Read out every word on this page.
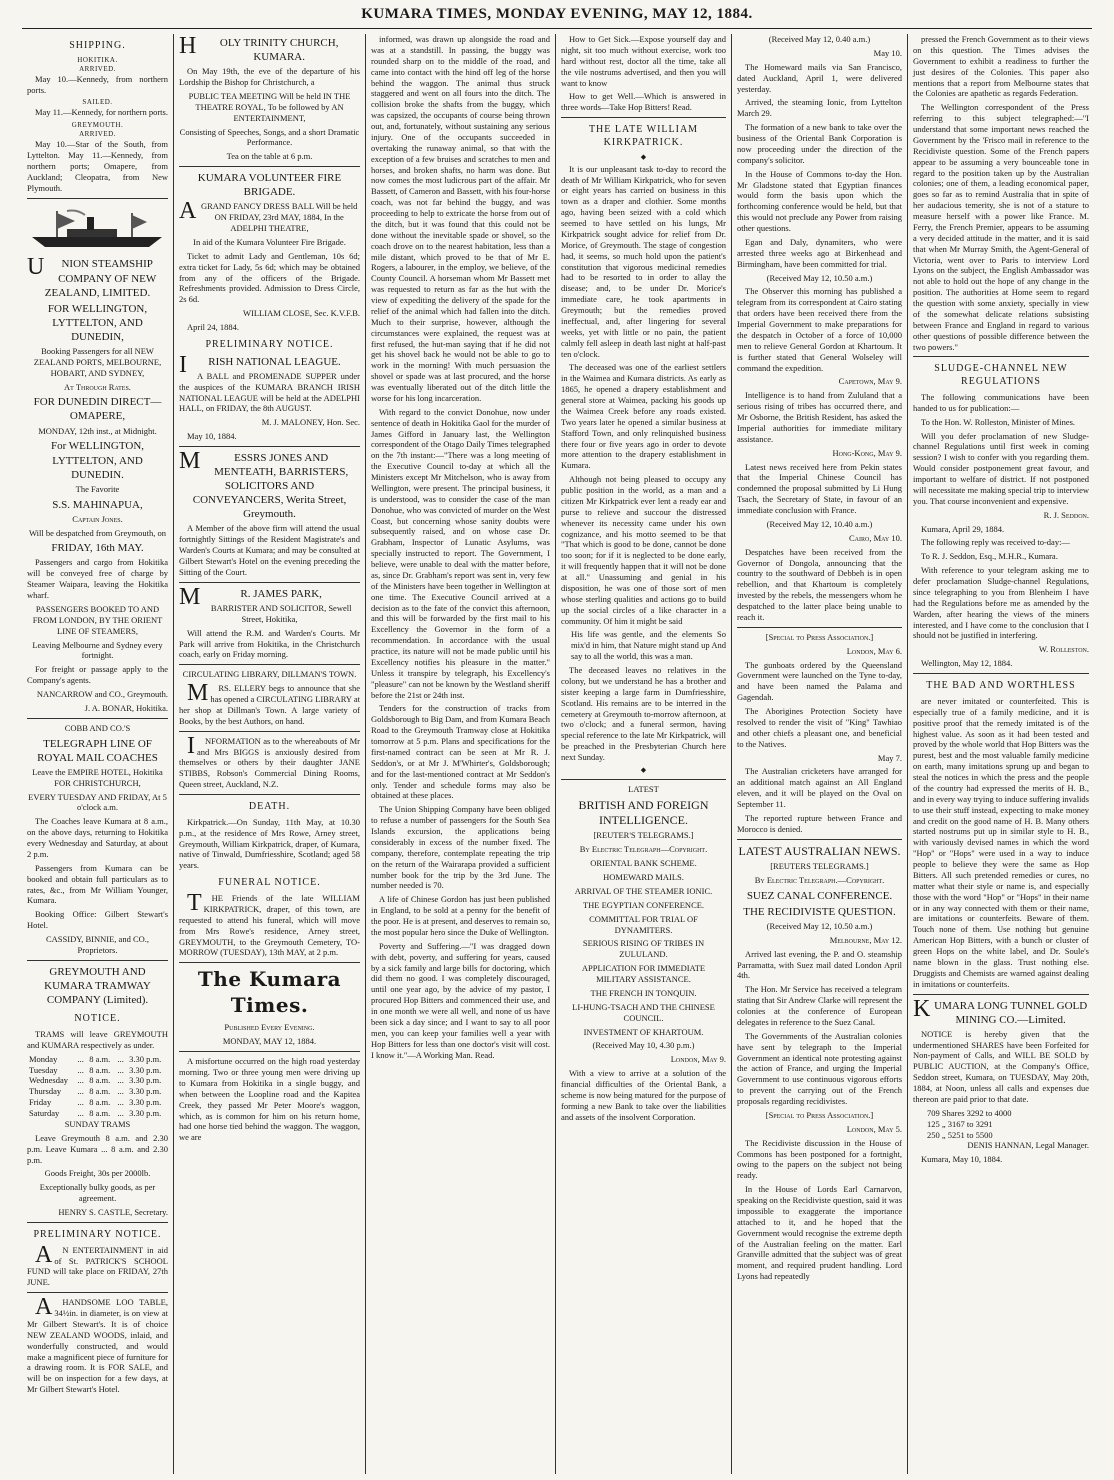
KUMARA TIMES, MONDAY EVENING, MAY 12, 1884.
SHIPPING.
HOKITIKA.
ARRIVED.

May 10.—Kennedy, from northern ports.

SAILED.

May 11.—Kennedy, for northern ports.

GREYMOUTH.
ARRIVED.

May 10.—Star of the South, from Lyttelton. May 11.—Kennedy, from northern ports; Omapere, from Auckland; Cleopatra, from New Plymouth.

UNION STEAMSHIP COMPANY OF NEW ZEALAND, LIMITED.

FOR WELLINGTON, LYTTELTON, AND DUNEDIN,

Booking Passengers for all NEW ZEALAND PORTS, MELBOURNE, HOBART, AND SYDNEY,

At Through Rates.

FOR DUNEDIN DIRECT— OMAPERE,

MONDAY, 12th inst., at Midnight.

For WELLINGTON, LYTTELTON, AND DUNEDIN.

The Favorite

S.S. MAHINAPUA,

Captain Jones.

Will be despatched from Greymouth, on

FRIDAY, 16th MAY.

Passengers and cargo from Hokitika will be conveyed free of charge by Steamer Waipara, leaving the Hokitika wharf.

PASSENGERS BOOKED TO AND FROM LONDON, BY THE ORIENT LINE OF STEAMERS,

Leaving Melbourne and Sydney every fortnight.

For freight or passage apply to the Company's agents.

NANCARROW and CO., Greymouth.

J. A. BONAR, Hokitika.

COBB AND CO.'S

TELEGRAPH LINE OF ROYAL MAIL COACHES

Leave the EMPIRE HOTEL, Hokitika FOR CHRISTCHURCH,

EVERY TUESDAY AND FRIDAY, At 5 o'clock a.m.

The Coaches leave Kumara at 8 a.m., on the above days, returning to Hokitika every Wednesday and Saturday, at about 2 p.m.

Passengers from Kumara can be booked and obtain full particulars as to rates, &c., from Mr William Younger, Kumara.

Booking Office: Gilbert Stewart's Hotel.

CASSIDY, BINNIE, and CO., Proprietors.

GREYMOUTH AND KUMARA TRAMWAY COMPANY (Limited).

NOTICE.

TRAMS will leave GREYMOUTH and KUMARA respectively as under.

Monday	...	8 a.m.	...	3.30 p.m.
Tuesday	...	8 a.m.	...	3.30 p.m.
Wednesday	...	8 a.m.	...	3.30 p.m.
Thursday	...	8 a.m.	...	3.30 p.m.
Friday	...	8 a.m.	...	3.30 p.m.
Saturday	...	8 a.m.	...	3.30 p.m.

SUNDAY TRAMS

Leave Greymouth 8 a.m. and 2.30 p.m. Leave Kumara ... 8 a.m. and 2.30 p.m.

Goods Freight, 30s per 2000lb.

Exceptionally bulky goods, as per agreement.

HENRY S. CASTLE, Secretary.

PRELIMINARY NOTICE.

AN ENTERTAINMENT in aid of St. PATRICK'S SCHOOL FUND will take place on FRIDAY, 27th JUNE.

AHANDSOME LOO TABLE, 34½in. in diameter, is on view at Mr Gilbert Stewart's. It is of choice NEW ZEALAND WOODS, inlaid, and wonderfully constructed, and would make a magnificent piece of furniture for a drawing room. It is FOR SALE, and will be on inspection for a few days, at Mr Gilbert Stewart's Hotel.

HOLY TRINITY CHURCH, KUMARA.

On May 19th, the eve of the departure of his Lordship the Bishop for Christchurch, a

PUBLIC TEA MEETING Will be held IN THE THEATRE ROYAL, To be followed by AN ENTERTAINMENT,

Consisting of Speeches, Songs, and a short Dramatic Performance.

Tea on the table at 6 p.m.

KUMARA VOLUNTEER FIRE BRIGADE.

AGRAND FANCY DRESS BALL Will be held ON FRIDAY, 23rd MAY, 1884, In the ADELPHI THEATRE,

In aid of the Kumara Volunteer Fire Brigade.

Ticket to admit Lady and Gentleman, 10s 6d; extra ticket for Lady, 5s 6d; which may be obtained from any of the officers of the Brigade. Refreshments provided. Admission to Dress Circle, 2s 6d.

WILLIAM CLOSE, Sec. K.V.F.B.

April 24, 1884.

PRELIMINARY NOTICE.

IRISH NATIONAL LEAGUE.

A BALL and PROMENADE SUPPER under the auspices of the KUMARA BRANCH IRISH NATIONAL LEAGUE will be held at the ADELPHI HALL, on FRIDAY, the 8th AUGUST.

M. J. MALONEY, Hon. Sec.

May 10, 1884.

MESSRS JONES AND MENTEATH, BARRISTERS, SOLICITORS AND CONVEYANCERS, Werita Street, Greymouth.

A Member of the above firm will attend the usual fortnightly Sittings of the Resident Magistrate's and Warden's Courts at Kumara; and may be consulted at Gilbert Stewart's Hotel on the evening preceding the Sitting of the Court.

MR. JAMES PARK,

BARRISTER AND SOLICITOR, Sewell Street, Hokitika,

Will attend the R.M. and Warden's Courts. Mr Park will arrive from Hokitika, in the Christchurch coach, early on Friday morning.

CIRCULATING LIBRARY, DILLMAN'S TOWN.

MRS. ELLERY begs to announce that she has opened a CIRCULATING LIBRARY at her shop at Dillman's Town. A large variety of Books, by the best Authors, on hand.

INFORMATION as to the whereabouts of Mr and Mrs BIGGS is anxiously desired from themselves or others by their daughter JANE STIBBS, Robson's Commercial Dining Rooms, Queen street, Auckland, N.Z.

DEATH.

Kirkpatrick.—On Sunday, 11th May, at 10.30 p.m., at the residence of Mrs Rowe, Arney street, Greymouth, William Kirkpatrick, draper, of Kumara, native of Tinwald, Dumfriesshire, Scotland; aged 58 years.

FUNERAL NOTICE.

THE Friends of the late WILLIAM KIRKPATRICK, draper, of this town, are requested to attend his funeral, which will move from Mrs Rowe's residence, Arney street, GREYMOUTH, to the Greymouth Cemetery, TO-MORROW (TUESDAY), 13th MAY, at 2 p.m.

The Kumara Times.

Published Every Evening.

MONDAY, MAY 12, 1884.

A misfortune occurred on the high road yesterday morning. Two or three young men were driving up to Kumara from Hokitika in a single buggy, and when between the Loopline road and the Kapitea Creek, they passed Mr Peter Moore's waggon, which, as is common for him on his return home, had one horse tied behind the waggon. The waggon, we are

informed, was drawn up alongside the road and was at a standstill. In passing, the buggy was rounded sharp on to the middle of the road, and came into contact with the hind off leg of the horse behind the waggon. The animal thus struck staggered and went on all fours into the ditch. The collision broke the shafts from the buggy, which was capsized, the occupants of course being thrown out, and, fortunately, without sustaining any serious injury. One of the occupants succeeded in overtaking the runaway animal, so that with the exception of a few bruises and scratches to men and horses, and broken shafts, no harm was done. But now comes the most ludicrous part of the affair. Mr Bassett, of Cameron and Bassett, with his four-horse coach, was not far behind the buggy, and was proceeding to help to extricate the horse from out of the ditch, but it was found that this could not be done without the inevitable spade or shovel, so the coach drove on to the nearest habitation, less than a mile distant, which proved to be that of Mr E. Rogers, a labourer, in the employ, we believe, of the County Council. A horseman whom Mr Bassett met was requested to return as far as the hut with the view of expediting the delivery of the spade for the relief of the animal which had fallen into the ditch. Much to their surprise, however, although the circumstances were explained, the request was at first refused, the hut-man saying that if he did not get his shovel back he would not be able to go to work in the morning! With much persuasion the shovel or spade was at last procured, and the horse was eventually liberated out of the ditch little the worse for his long incarceration.

With regard to the convict Donohue, now under sentence of death in Hokitika Gaol for the murder of James Gifford in January last, the Wellington correspondent of the Otago Daily Times telegraphed on the 7th instant:—"There was a long meeting of the Executive Council to-day at which all the Ministers except Mr Mitchelson, who is away from Wellington, were present. The principal business, it is understood, was to consider the case of the man Donohue, who was convicted of murder on the West Coast, but concerning whose sanity doubts were subsequently raised, and on whose case Dr. Grabham, Inspector of Lunatic Asylums, was specially instructed to report. The Government, I believe, were unable to deal with the matter before, as, since Dr. Grabham's report was sent in, very few of the Ministers have been together in Wellington at one time. The Executive Council arrived at a decision as to the fate of the convict this afternoon, and this will be forwarded by the first mail to his Excellency the Governor in the form of a recommendation. In accordance with the usual practice, its nature will not be made public until his Excellency notifies his pleasure in the matter." Unless it transpire by telegraph, his Excellency's "pleasure" can not be known by the Westland sheriff before the 21st or 24th inst.

Tenders for the construction of tracks from Goldsborough to Big Dam, and from Kumara Beach Road to the Greymouth Tramway close at Hokitika tomorrow at 5 p.m. Plans and specifications for the first-named contract can be seen at Mr R. J. Seddon's, or at Mr J. M'Whirter's, Goldsborough; and for the last-mentioned contract at Mr Seddon's only. Tender and schedule forms may also be obtained at these places.

The Union Shipping Company have been obliged to refuse a number of passengers for the South Sea Islands excursion, the applications being considerably in excess of the number fixed. The company, therefore, contemplate repeating the trip on the return of the Wairarapa provided a sufficient number book for the trip by the 3rd June. The number needed is 70.

A life of Chinese Gordon has just been published in England, to be sold at a penny for the benefit of the poor. He is at present, and deserves to remain so, the most popular hero since the Duke of Wellington.

Poverty and Suffering.—"I was dragged down with debt, poverty, and suffering for years, caused by a sick family and large bills for doctoring, which did them no good. I was completely discouraged, until one year ago, by the advice of my pastor, I procured Hop Bitters and commenced their use, and in one month we were all well, and none of us have been sick a day since; and I want to say to all poor men, you can keep your families well a year with Hop Bitters for less than one doctor's visit will cost. I know it."—A Working Man. Read.

How to Get Sick.—Expose yourself day and night, sit too much without exercise, work too hard without rest, doctor all the time, take all the vile nostrums advertised, and then you will want to know

How to get Well.—Which is answered in three words—Take Hop Bitters! Read.

THE LATE WILLIAM KIRKPATRICK.
◆

It is our unpleasant task to-day to record the death of Mr William Kirkpatrick, who for seven or eight years has carried on business in this town as a draper and clothier. Some months ago, having been seized with a cold which seemed to have settled on his lungs, Mr Kirkpatrick sought advice for relief from Dr. Morice, of Greymouth. The stage of congestion had, it seems, so much hold upon the patient's constitution that vigorous medicinal remedies had to be resorted to in order to allay the disease; and, to be under Dr. Morice's immediate care, he took apartments in Greymouth; but the remedies proved ineffectual, and, after lingering for several weeks, yet with little or no pain, the patient calmly fell asleep in death last night at half-past ten o'clock.

The deceased was one of the earliest settlers in the Waimea and Kumara districts. As early as 1865, he opened a drapery establishment and general store at Waimea, packing his goods up the Waimea Creek before any roads existed. Two years later he opened a similar business at Stafford Town, and only relinquished business there four or five years ago in order to devote more attention to the drapery establishment in Kumara.

Although not being pleased to occupy any public position in the world, as a man and a citizen Mr Kirkpatrick ever lent a ready ear and purse to relieve and succour the distressed whenever its necessity came under his own cognizance, and his motto seemed to be that "That which is good to be done, cannot be done too soon; for if it is neglected to be done early, it will frequently happen that it will not be done at all." Unassuming and genial in his disposition, he was one of those sort of men whose sterling qualities and actions go to build up the social circles of a like character in a community. Of him it might be said

His life was gentle, and the elements So mix'd in him, that Nature might stand up And say to all the world, this was a man.

The deceased leaves no relatives in the colony, but we understand he has a brother and sister keeping a large farm in Dumfriesshire, Scotland. His remains are to be interred in the cemetery at Greymouth to-morrow afternoon, at two o'clock; and a funeral sermon, having special reference to the late Mr Kirkpatrick, will be preached in the Presbyterian Church here next Sunday.

◆

LATEST

BRITISH AND FOREIGN INTELLIGENCE.

[REUTER'S TELEGRAMS.]

By Electric Telegraph—Copyright.

ORIENTAL BANK SCHEME.

HOMEWARD MAILS.

ARRIVAL OF THE STEAMER IONIC.

THE EGYPTIAN CONFERENCE.

COMMITTAL FOR TRIAL OF DYNAMITERS.

SERIOUS RISING OF TRIBES IN ZULULAND.

APPLICATION FOR IMMEDIATE MILITARY ASSISTANCE.

THE FRENCH IN TONQUIN.

LI-HUNG-TSACH AND THE CHINESE COUNCIL.

INVESTMENT OF KHARTOUM.

(Received May 10, 4.30 p.m.)

London, May 9.

With a view to arrive at a solution of the financial difficulties of the Oriental Bank, a scheme is now being matured for the purpose of forming a new Bank to take over the liabilities and assets of the insolvent Corporation.

(Received May 12, 0.40 a.m.)

May 10.

The Homeward mails via San Francisco, dated Auckland, April 1, were delivered yesterday.

Arrived, the steaming Ionic, from Lyttelton March 29.

The formation of a new bank to take over the business of the Oriental Bank Corporation is now proceeding under the direction of the company's solicitor.

In the House of Commons to-day the Hon. Mr Gladstone stated that Egyptian finances would form the basis upon which the forthcoming conference would be held, but that this would not preclude any Power from raising other questions.

Egan and Daly, dynamiters, who were arrested three weeks ago at Birkenhead and Birmingham, have been committed for trial.

(Received May 12, 10.50 a.m.)

The Observer this morning has published a telegram from its correspondent at Cairo stating that orders have been received there from the Imperial Government to make preparations for the despatch in October of a force of 10,000 men to relieve General Gordon at Khartoum. It is further stated that General Wolseley will command the expedition.

Capetown, May 9.

Intelligence is to hand from Zululand that a serious rising of tribes has occurred there, and Mr Osborne, the British Resident, has asked the Imperial authorities for immediate military assistance.

Hong-Kong, May 9.

Latest news received here from Pekin states that the Imperial Chinese Council has condemned the proposal submitted by Li Hung Tsach, the Secretary of State, in favour of an immediate conclusion with France.

(Received May 12, 10.40 a.m.)

Cairo, May 10.

Despatches have been received from the Governor of Dongola, announcing that the country to the southward of Debbeh is in open rebellion, and that Khartoum is completely invested by the rebels, the messengers whom he despatched to the latter place being unable to reach it.

[Special to Press Association.]

London, May 6.

The gunboats ordered by the Queensland Government were launched on the Tyne to-day, and have been named the Palama and Gagendah.

The Aborigines Protection Society have resolved to render the visit of "King" Tawhiao and other chiefs a pleasant one, and beneficial to the Natives.

May 7.

The Australian cricketers have arranged for an additional match against an All England eleven, and it will be played on the Oval on September 11.

The reported rupture between France and Morocco is denied.

LATEST AUSTRALIAN NEWS.

[REUTERS TELEGRAMS.]

By Electric Telegraph.—Copyright.

SUEZ CANAL CONFERENCE.

THE RECIDIVISTE QUESTION.

(Received May 12, 10.50 a.m.)

Melbourne, May 12.

Arrived last evening, the P. and O. steamship Parramatta, with Suez mail dated London April 4th.

The Hon. Mr Service has received a telegram stating that Sir Andrew Clarke will represent the colonies at the conference of European delegates in reference to the Suez Canal.

The Governments of the Australian colonies have sent by telegraph to the Imperial Government an identical note protesting against the action of France, and urging the Imperial Government to use continuous vigorous efforts to prevent the carrying out of the French proposals regarding recidivistes.

[Special to Press Association.]

London, May 5.

The Recidiviste discussion in the House of Commons has been postponed for a fortnight, owing to the papers on the subject not being ready.

In the House of Lords Earl Carnarvon, speaking on the Recidiviste question, said it was impossible to exaggerate the importance attached to it, and he hoped that the Government would recognise the extreme depth of the Australian feeling on the matter. Earl Granville admitted that the subject was of great moment, and required prudent handling. Lord Lyons had repeatedly

pressed the French Government as to their views on this question. The Times advises the Government to exhibit a readiness to further the just desires of the Colonies. This paper also mentions that a report from Melbourne states that the Colonies are apathetic as regards Federation.

The Wellington correspondent of the Press referring to this subject telegraphed:—"I understand that some important news reached the Government by the 'Frisco mail in reference to the Recidiviste question. Some of the French papers appear to be assuming a very bounceable tone in regard to the position taken up by the Australian colonies; one of them, a leading economical paper, goes so far as to remind Australia that in spite of her audacious temerity, she is not of a stature to measure herself with a power like France. M. Ferry, the French Premier, appears to be assuming a very decided attitude in the matter, and it is said that when Mr Murray Smith, the Agent-General of Victoria, went over to Paris to interview Lord Lyons on the subject, the English Ambassador was not able to hold out the hope of any change in the position. The authorities at Home seem to regard the question with some anxiety, specially in view of the somewhat delicate relations subsisting between France and England in regard to various other questions of possible difference between the two powers."

SLUDGE-CHANNEL NEW REGULATIONS

The following communications have been handed to us for publication:—

To the Hon. W. Rolleston, Minister of Mines.

Will you defer proclamation of new Sludge-channel Regulations until first week in coming session? I wish to confer with you regarding them. Would consider postponement great favour, and important to welfare of district. If not postponed will necessitate me making special trip to interview you. That course inconvenient and expensive.

R. J. Seddon.

Kumara, April 29, 1884.

The following reply was received to-day:—

To R. J. Seddon, Esq., M.H.R., Kumara.

With reference to your telegram asking me to defer proclamation Sludge-channel Regulations, since telegraphing to you from Blenheim I have had the Regulations before me as amended by the Warden, after hearing the views of the miners interested, and I have come to the conclusion that I should not be justified in interfering.

W. Rolleston.

Wellington, May 12, 1884.

THE BAD AND WORTHLESS

are never imitated or counterfeited. This is especially true of a family medicine, and it is positive proof that the remedy imitated is of the highest value. As soon as it had been tested and proved by the whole world that Hop Bitters was the purest, best and the most valuable family medicine on earth, many imitations sprung up and began to steal the notices in which the press and the people of the country had expressed the merits of H. B., and in every way trying to induce suffering invalids to use their stuff instead, expecting to make money and credit on the good name of H. B. Many others started nostrums put up in similar style to H. B., with variously devised names in which the word "Hop" or "Hops" were used in a way to induce people to believe they were the same as Hop Bitters. All such pretended remedies or cures, no matter what their style or name is, and especially those with the word "Hop" or "Hops" in their name or in any way connected with them or their name, are imitations or counterfeits. Beware of them. Touch none of them. Use nothing but genuine American Hop Bitters, with a bunch or cluster of green Hops on the white label, and Dr. Soule's name blown in the glass. Trust nothing else. Druggists and Chemists are warned against dealing in imitations or counterfeits.

KUMARA LONG TUNNEL GOLD MINING CO.—Limited.

NOTICE is hereby given that the undermentioned SHARES have been Forfeited for Non-payment of Calls, and WILL BE SOLD by PUBLIC AUCTION, at the Company's Office, Seddon street, Kumara, on TUESDAY, May 20th, 1884, at Noon, unless all calls and expenses due thereon are paid prior to that date.

709 Shares 3292 to 4000
125 „ 3167 to 3291
250 „ 5251 to 5500

DENIS HANNAN, Legal Manager.

Kumara, May 10, 1884.
